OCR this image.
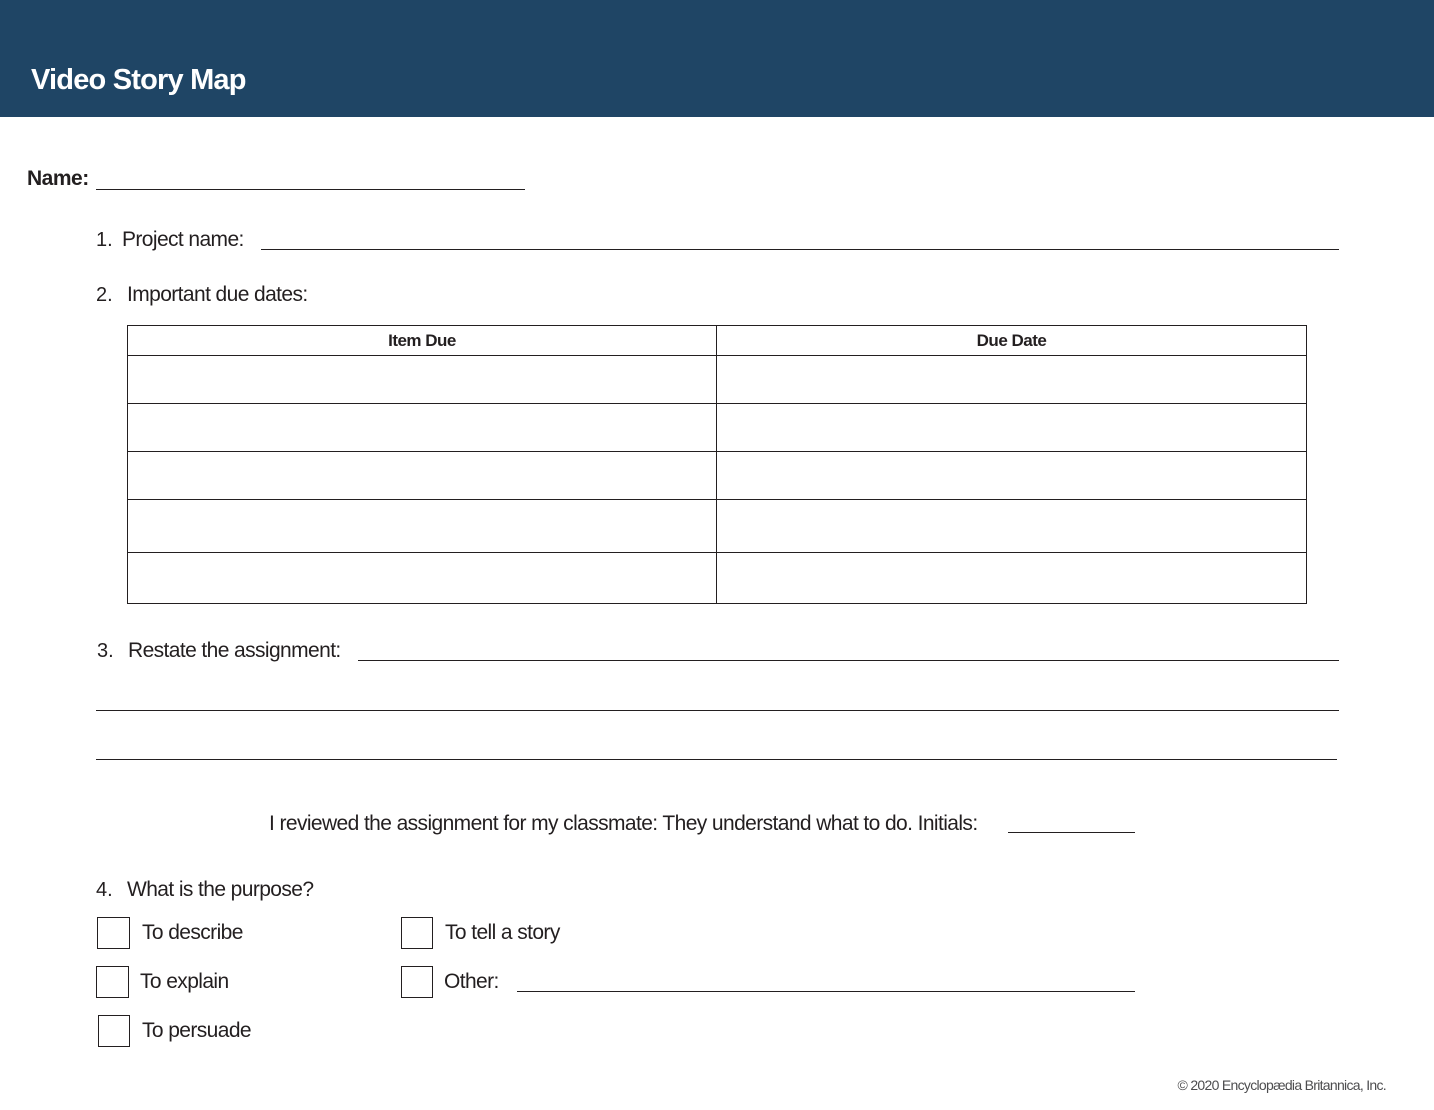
Video Story Map
Name:
1. Project name:
2. Important due dates:
Item Due	Due Date

3. Restate the assignment:
I reviewed the assignment for my classmate: They understand what to do. Initials:
4. What is the purpose?
To describe
To explain
To persuade
To tell a story
Other:
© 2020 Encyclopædia Britannica, Inc.
